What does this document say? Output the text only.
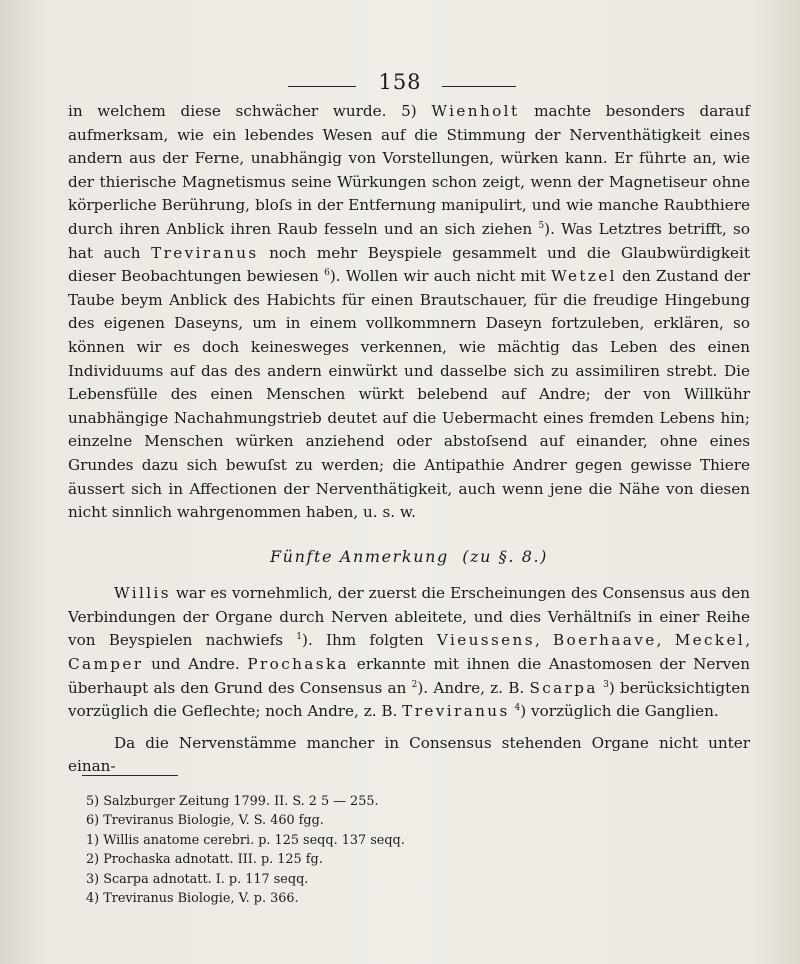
158

in welchem diese schwächer wurde. 5) Wienholt machte besonders darauf aufmerksam, wie ein lebendes Wesen auf die Stimmung der Nerventhätigkeit eines andern aus der Ferne, unabhängig von Vorstellungen, würken kann. Er führte an, wie der thierische Magnetismus seine Würkungen schon zeigt, wenn der Magnetiseur ohne körperliche Berührung, bloſs in der Entfernung manipulirt, und wie manche Raubthiere durch ihren Anblick ihren Raub fesseln und an sich ziehen $^5$). Was Letztres betrifft, so hat auch Treviranus noch mehr Beyspiele gesammelt und die Glaubwürdigkeit dieser Beobachtungen bewiesen $^6$). Wollen wir auch nicht mit Wetzel den Zustand der Taube beym Anblick des Habichts für einen Brautschauer, für die freudige Hingebung des eigenen Daseyns, um in einem vollkommnern Daseyn fortzuleben, erklären, so können wir es doch keinesweges verkennen, wie mächtig das Leben des einen Individuums auf das des andern einwürkt und dasselbe sich zu assimiliren strebt. Die Lebensfülle des einen Menschen würkt belebend auf Andre; der von Willkühr unabhängige Nachahmungstrieb deutet auf die Uebermacht eines fremden Lebens hin; einzelne Menschen würken anziehend oder abstoſsend auf einander, ohne eines Grundes dazu sich bewuſst zu werden; die Antipathie Andrer gegen gewisse Thiere äussert sich in Affectionen der Nerventhätigkeit, auch wenn jene die Nähe von diesen nicht sinnlich wahrgenommen haben, u. s. w.

Fünfte Anmerkung (zu §. 8.)

Willis war es vornehmlich, der zuerst die Erscheinungen des Consensus aus den Verbindungen der Organe durch Nerven ableitete, und dies Verhältniſs in einer Reihe von Beyspielen nachwiefs $^1$). Ihm folgten Vieussens, Boerhaave, Meckel, Camper und Andre. Prochaska erkannte mit ihnen die Anastomosen der Nerven überhaupt als den Grund des Consensus an $^2$). Andre, z. B. Scarpa $^3$) berücksichtigten vorzüglich die Geflechte; noch Andre, z. B. Treviranus $^4$) vorzüglich die Ganglien.

Da die Nervenstämme mancher in Consensus stehenden Organe nicht unter einan-

5) Salzburger Zeitung 1799. II. S. 2 5 — 255.
6) Treviranus Biologie, V. S. 460 fgg.
1) Willis anatome cerebri. p. 125 seqq. 137 seqq.
2) Prochaska adnotatt. III. p. 125 fg.
3) Scarpa adnotatt. I. p. 117 seqq.
4) Treviranus Biologie, V. p. 366.
